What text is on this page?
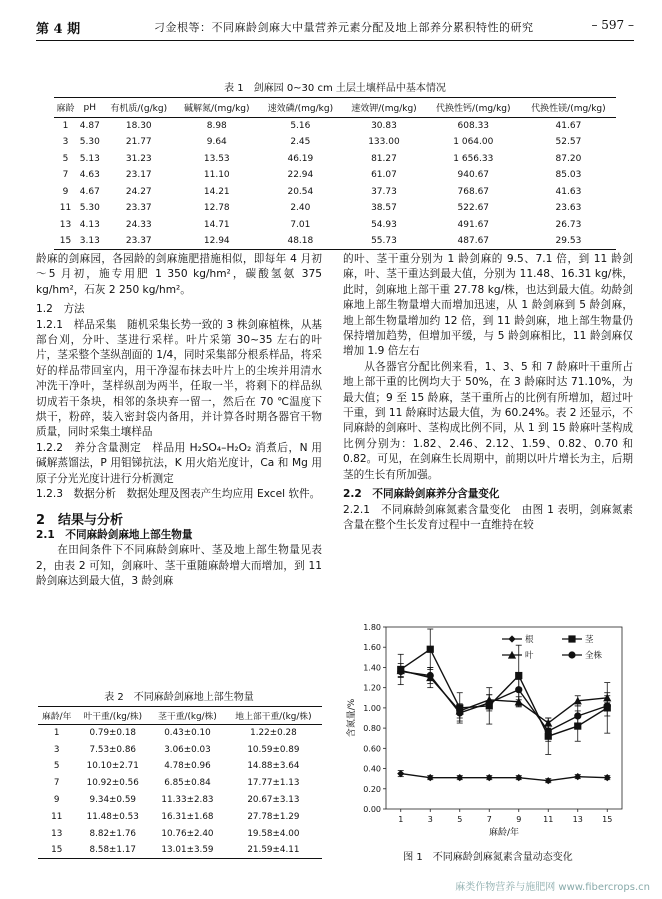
第 4 期	刁金根等：不同麻龄剑麻大中量营养元素分配及地上部养分累积特性的研究	– 597 –
表 1　剑麻园 0~30 cm 土层土壤样品中基本情况
麻龄	pH	有机质/(g/kg)	碱解氮/(mg/kg)	速效磷/(mg/kg)	速效钾/(mg/kg)	代换性钙/(mg/kg)	代换性镁/(mg/kg)
1	4.87	18.30	8.98	5.16	30.83	608.33	41.67
3	5.30	21.77	9.64	2.45	133.00	1 064.00	52.57
5	5.13	31.23	13.53	46.19	81.27	1 656.33	87.20
7	4.63	23.17	11.10	22.94	61.07	940.67	85.03
9	4.67	24.27	14.21	20.54	37.73	768.67	41.63
11	5.30	23.37	12.78	2.40	38.57	522.67	23.63
13	4.13	24.33	14.71	7.01	54.93	491.67	26.73
15	3.13	23.37	12.94	48.18	55.73	487.67	29.53

龄麻的剑麻园，各园龄的剑麻施肥措施相似，即每年 4 月初～5 月初，施专用肥 1 350 kg/hm²，碳酸氢氨 375 kg/hm²，石灰 2 250 kg/hm²。

1.2　方法

1.2.1　样品采集　随机采集长势一致的 3 株剑麻植株，从基部台刈，分叶、茎进行采样。叶片采第 30~35 左右的叶片，茎采整个茎纵剖面的 1/4，同时采集部分根系样品，将采好的样品带回室内，用干净湿布抹去叶片上的尘埃并用清水冲洗干净叶，茎样纵剖为两半，任取一半，将剩下的样品纵切成若干条块，相邻的条块弃一留一，然后在 70 ℃温度下烘干，粉碎，装入密封袋内备用，并计算各时期各器官干物质量，同时采集土壤样品

1.2.2　养分含量测定　样品用 H₂SO₄–H₂O₂ 消煮后，N 用碱解蒸馏法，P 用钼锑抗法，K 用火焰光度计，Ca 和 Mg 用原子分光光度计进行分析测定

1.2.3　数据分析　数据处理及图表产生均应用 Excel 软件。

2　结果与分析

2.1　不同麻龄剑麻地上部生物量

在田间条件下不同麻龄剑麻叶、茎及地上部生物量见表 2，由表 2 可知，剑麻叶、茎干重随麻龄增大而增加，到 11 龄剑麻达到最大值，3 龄剑麻

表 2　不同麻龄剑麻地上部生物量
麻龄/年	叶干重/(kg/株)	茎干重/(kg/株)	地上部干重/(kg/株)
1	0.79±0.18	0.43±0.10	1.22±0.28
3	7.53±0.86	3.06±0.03	10.59±0.89
5	10.10±2.71	4.78±0.96	14.88±3.64
7	10.92±0.56	6.85±0.84	17.77±1.13
9	9.34±0.59	11.33±2.83	20.67±3.13
11	11.48±0.53	16.31±1.68	27.78±1.29
13	8.82±1.76	10.76±2.40	19.58±4.00
15	8.58±1.17	13.01±3.59	21.59±4.11

的叶、茎干重分别为 1 龄剑麻的 9.5、7.1 倍，到 11 龄剑麻，叶、茎干重达到最大值，分别为 11.48、16.31 kg/株，此时，剑麻地上部干重 27.78 kg/株，也达到最大值。幼龄剑麻地上部生物量增大而增加迅速，从 1 龄剑麻到 5 龄剑麻，地上部生物量增加约 12 倍，到 11 龄剑麻，地上部生物量仍保持增加趋势，但增加平缓，与 5 龄剑麻相比，11 龄剑麻仅增加 1.9 倍左右

从各器官分配比例来看，1、3、5 和 7 龄麻叶干重所占地上部干重的比例均大于 50%，在 3 龄麻时达 71.10%，为最大值；9 至 15 龄麻，茎干重所占的比例有所增加，超过叶干重，到 11 龄麻时达最大值，为 60.24%。表 2 还显示，不同麻龄的剑麻叶、茎构成比例不同，从 1 到 15 龄麻叶茎构成比例分别为：1.82、2.46、2.12、1.59、0.82、0.70 和 0.82。可见，在剑麻生长周期中，前期以叶片增长为主，后期茎的生长有所加强。

2.2　不同麻龄剑麻养分含量变化

2.2.1　不同麻龄剑麻氮素含量变化　由图 1 表明，剑麻氮素含量在整个生长发育过程中一直维持在较

0.00
0.20
0.40
0.60
0.80
1.00
1.20
1.40
1.60
1.80
1	3	5	7	9	11 13 15
麻龄/年
含氮量/%
根	茎
叶	全株
图 1　不同麻龄剑麻氮素含量动态变化
麻类作物营养与施肥网 www.fibercrops.cn
